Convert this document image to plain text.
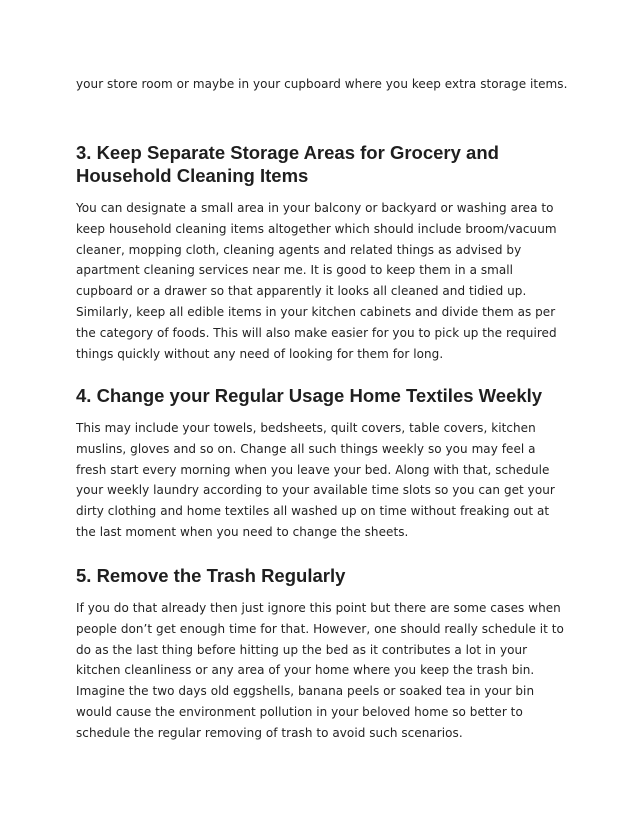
your store room or maybe in your cupboard where you keep extra storage items.

3. Keep Separate Storage Areas for Grocery and Household Cleaning Items

You can designate a small area in your balcony or backyard or washing area to keep household cleaning items altogether which should include broom/vacuum cleaner, mopping cloth, cleaning agents and related things as advised by apartment cleaning services near me. It is good to keep them in a small cupboard or a drawer so that apparently it looks all cleaned and tidied up. Similarly, keep all edible items in your kitchen cabinets and divide them as per the category of foods. This will also make easier for you to pick up the required things quickly without any need of looking for them for long.

4. Change your Regular Usage Home Textiles Weekly

This may include your towels, bedsheets, quilt covers, table covers, kitchen muslins, gloves and so on. Change all such things weekly so you may feel a fresh start every morning when you leave your bed. Along with that, schedule your weekly laundry according to your available time slots so you can get your dirty clothing and home textiles all washed up on time without freaking out at the last moment when you need to change the sheets.

5. Remove the Trash Regularly

If you do that already then just ignore this point but there are some cases when people don’t get enough time for that. However, one should really schedule it to do as the last thing before hitting up the bed as it contributes a lot in your kitchen cleanliness or any area of your home where you keep the trash bin. Imagine the two days old eggshells, banana peels or soaked tea in your bin would cause the environment pollution in your beloved home so better to schedule the regular removing of trash to avoid such scenarios.
